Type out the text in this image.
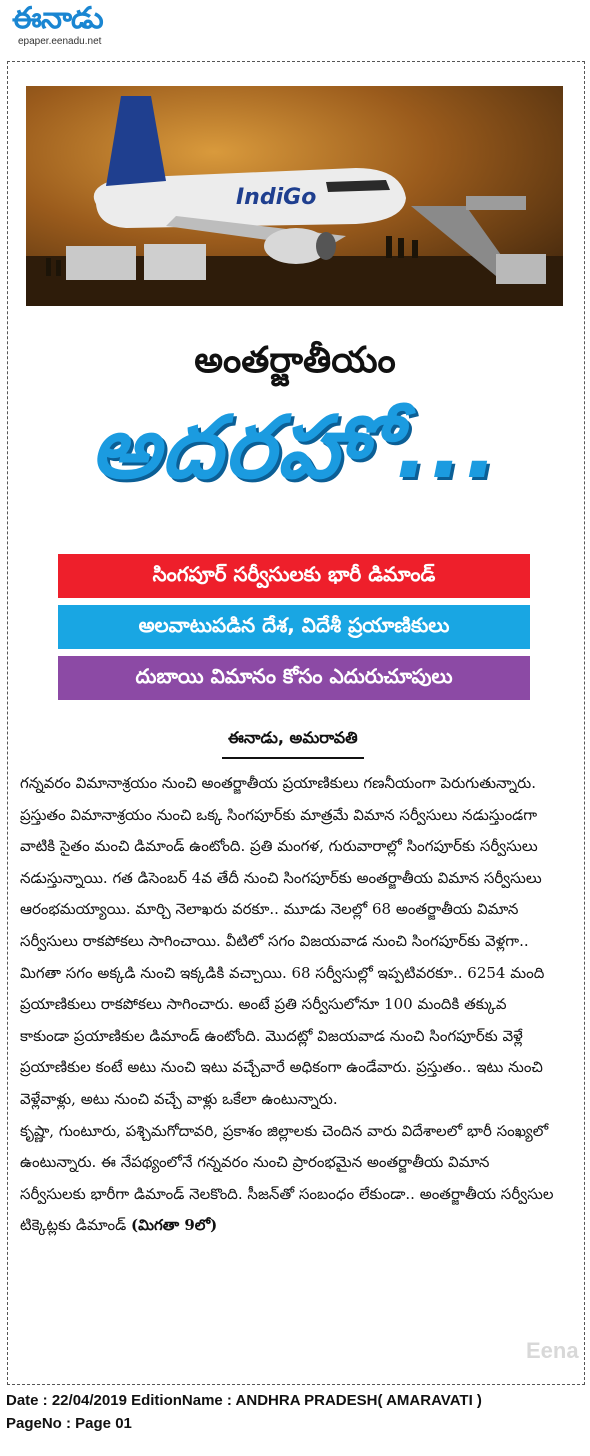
ఈనాడు
epaper.eenadu.net
IndiGo
అంతర్జాతీయం
అదరహో...
సింగపూర్ సర్వీసులకు భారీ డిమాండ్
అలవాటుపడిన దేశ, విదేశీ ప్రయాణికులు
దుబాయి విమానం కోసం ఎదురుచూపులు
ఈనాడు, అమరావతి

గన్నవరం విమానాశ్రయం నుంచి అంతర్జాతీయ ప్రయాణికులు గణనీయంగా పెరుగుతున్నారు. ప్రస్తుతం విమానాశ్రయం నుంచి ఒక్క సింగపూర్‌కు మాత్రమే విమాన సర్వీసులు నడుస్తుండగా వాటికి సైతం మంచి డిమాండ్ ఉంటోంది. ప్రతి మంగళ, గురువారాల్లో సింగపూర్‌కు సర్వీసులు నడుస్తున్నాయి. గత డిసెంబర్ 4వ తేదీ నుంచి సింగపూర్‌కు అంతర్జాతీయ విమాన సర్వీసులు ఆరంభమయ్యాయి. మార్చి నెలాఖరు వరకూ.. మూడు నెలల్లో 68 అంతర్జాతీయ విమాన సర్వీసులు రాకపోకలు సాగించాయి. వీటిలో సగం విజయవాడ నుంచి సింగపూర్‌కు వెళ్లగా.. మిగతా సగం అక్కడి నుంచి ఇక్కడికి వచ్చాయి. 68 సర్వీసుల్లో ఇప్పటివరకూ.. 6254 మంది ప్రయాణికులు రాకపోకలు సాగించారు. అంటే ప్రతి సర్వీసులోనూ 100 మందికి తక్కువ కాకుండా ప్రయాణికుల డిమాండ్ ఉంటోంది. మొదట్లో విజయవాడ నుంచి సింగపూర్‌కు వెళ్లే ప్రయాణికుల కంటే అటు నుంచి ఇటు వచ్చేవారే అధికంగా ఉండేవారు. ప్రస్తుతం.. ఇటు నుంచి వెళ్లేవాళ్లు, అటు నుంచి వచ్చే వాళ్లు ఒకేలా ఉంటున్నారు.

కృష్ణా, గుంటూరు, పశ్చిమగోదావరి, ప్రకాశం జిల్లాలకు చెందిన వారు విదేశాలలో భారీ సంఖ్యలో ఉంటున్నారు. ఈ నేపథ్యంలోనే గన్నవరం నుంచి ప్రారంభమైన అంతర్జాతీయ విమాన సర్వీసులకు భారీగా డిమాండ్ నెలకొంది. సీజన్‌తో సంబంధం లేకుండా.. అంతర్జాతీయ సర్వీసుల టిక్కెట్లకు డిమాండ్ (మిగతా 9లో)

Eena
Date : 22/04/2019 EditionName : ANDHRA PRADESH( AMARAVATI )
PageNo : Page 01
